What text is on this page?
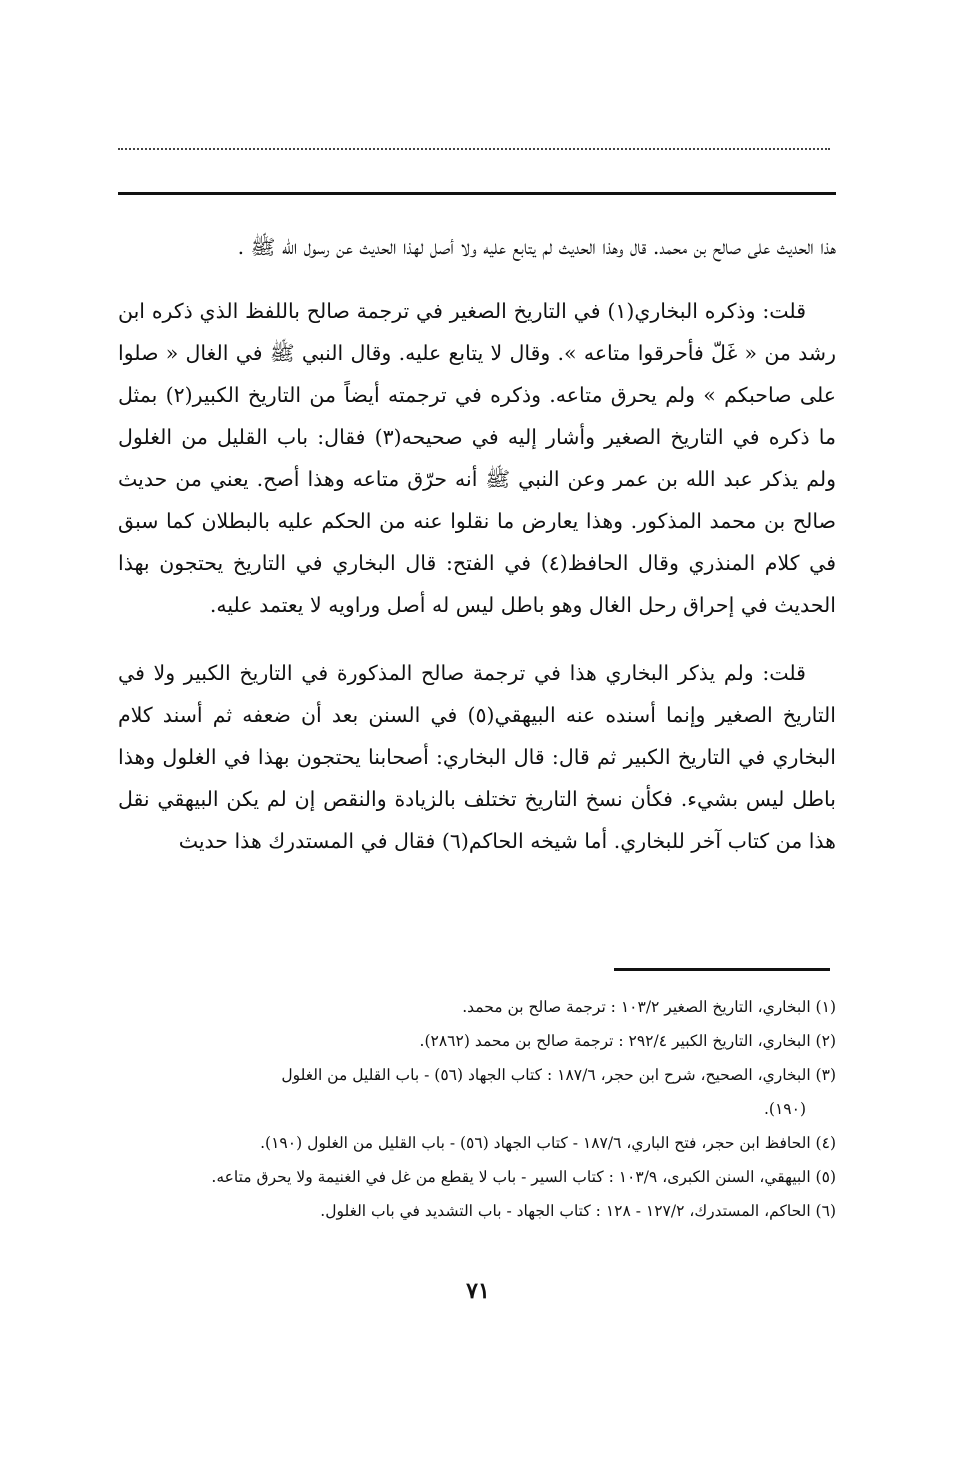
هذا الحديث على صالح بن محمد. قال وهذا الحديث لم يتابع عليه ولا أصل لهذا الحديث عن رسول الله ﷺ .

قلت: وذكره البخاري(١) في التاريخ الصغير في ترجمة صالح باللفظ الذي ذكره ابن رشد من « غَلّ فأحرقوا متاعه ». وقال لا يتابع عليه. وقال النبي ﷺ في الغال « صلوا على صاحبكم » ولم يحرق متاعه. وذكره في ترجمته أيضاً من التاريخ الكبير(٢) بمثل ما ذكره في التاريخ الصغير وأشار إليه في صحيحه(٣) فقال: باب القليل من الغلول ولم يذكر عبد الله بن عمر وعن النبي ﷺ أنه حرّق متاعه وهذا أصح. يعني من حديث صالح بن محمد المذكور. وهذا يعارض ما نقلوا عنه من الحكم عليه بالبطلان كما سبق في كلام المنذري وقال الحافظ(٤) في الفتح: قال البخاري في التاريخ يحتجون بهذا الحديث في إحراق رحل الغال وهو باطل ليس له أصل وراويه لا يعتمد عليه.

قلت: ولم يذكر البخاري هذا في ترجمة صالح المذكورة في التاريخ الكبير ولا في التاريخ الصغير وإنما أسنده عنه البيهقي(٥) في السنن بعد أن ضعفه ثم أسند كلام البخاري في التاريخ الكبير ثم قال: قال البخاري: أصحابنا يحتجون بهذا في الغلول وهذا باطل ليس بشيء. فكأن نسخ التاريخ تختلف بالزيادة والنقص إن لم يكن البيهقي نقل هذا من كتاب آخر للبخاري. أما شيخه الحاكم(٦) فقال في المستدرك هذا حديث

(١) البخاري، التاريخ الصغير ١٠٣/٢ : ترجمة صالح بن محمد.

(٢) البخاري، التاريخ الكبير ٢٩٢/٤ : ترجمة صالح بن محمد (٢٨٦٢).

(٣) البخاري، الصحيح، شرح ابن حجر، ١٨٧/٦ : كتاب الجهاد (٥٦) - باب القليل من الغلول

(١٩٠).

(٤) الحافظ ابن حجر، فتح الباري، ١٨٧/٦ - كتاب الجهاد (٥٦) - باب القليل من الغلول (١٩٠).

(٥) البيهقي، السنن الكبرى، ١٠٣/٩ : كتاب السير - باب لا يقطع من غل في الغنيمة ولا يحرق متاعه.

(٦) الحاكم، المستدرك، ١٢٧/٢ - ١٢٨ : كتاب الجهاد - باب التشديد في باب الغلول.

٧١
